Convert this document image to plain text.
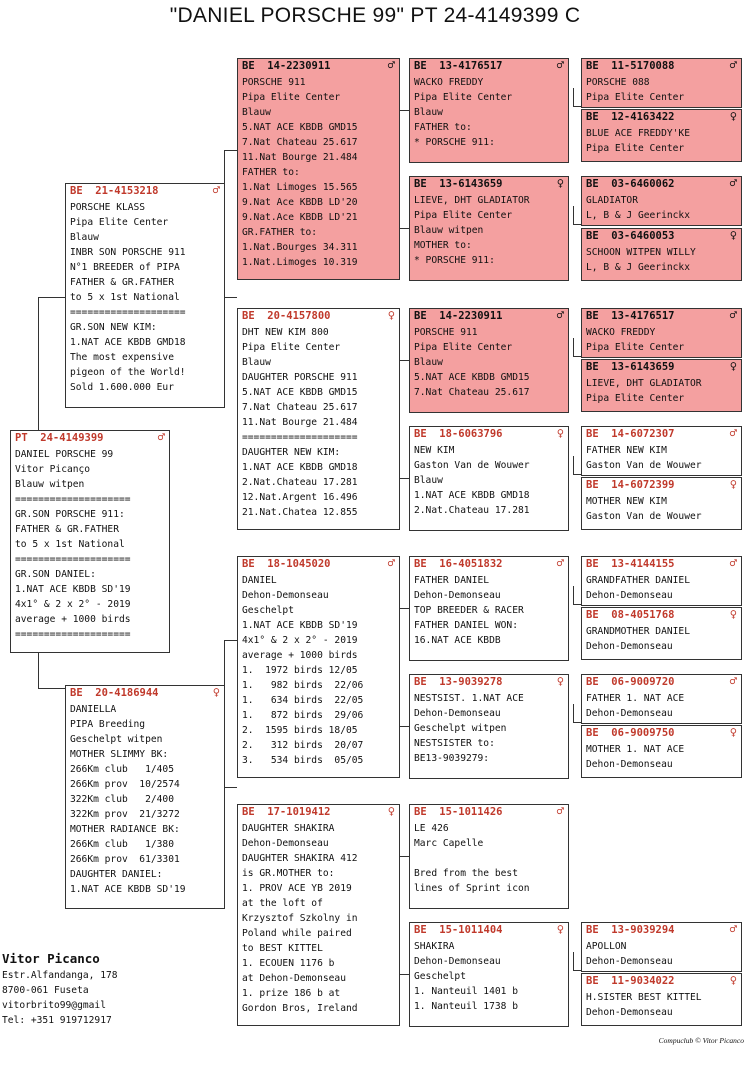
"DANIEL PORSCHE 99" PT 24-4149399 C
PT  24-4149399	♂
DANIEL PORSCHE 99
Vitor Picanço
Blauw witpen
====================
GR.SON PORSCHE 911:
FATHER & GR.FATHER
to 5 x 1st National
====================
GR.SON DANIEL:
1.NAT ACE KBDB SD'19
4x1° & 2 x 2° - 2019
average + 1000 birds
====================
BE  21-4153218	♂
PORSCHE KLASS
Pipa Elite Center
Blauw
INBR SON PORSCHE 911
N°1 BREEDER of PIPA
FATHER & GR.FATHER
to 5 x 1st National
====================
GR.SON NEW KIM:
1.NAT ACE KBDB GMD18
The most expensive
pigeon of the World!
Sold 1.600.000 Eur
BE  20-4186944	♀
DANIELLA
PIPA Breeding
Geschelpt witpen
MOTHER SLIMMY BK:
266Km club   1/405
266Km prov  10/2574
322Km club   2/400
322Km prov  21/3272
MOTHER RADIANCE BK:
266Km club   1/380
266Km prov  61/3301
DAUGHTER DANIEL:
1.NAT ACE KBDB SD'19
BE  14-2230911	♂
PORSCHE 911
Pipa Elite Center
Blauw
5.NAT ACE KBDB GMD15
7.Nat Chateau 25.617
11.Nat Bourge 21.484
FATHER to:
1.Nat Limoges 15.565
9.Nat Ace KBDB LD'20
9.Nat.Ace KBDB LD'21
GR.FATHER to:
1.Nat.Bourges 34.311
1.Nat.Limoges 10.319
BE  20-4157800	♀
DHT NEW KIM 800
Pipa Elite Center
Blauw
DAUGHTER PORSCHE 911
5.NAT ACE KBDB GMD15
7.Nat Chateau 25.617
11.Nat Bourge 21.484
====================
DAUGHTER NEW KIM:
1.NAT ACE KBDB GMD18
2.Nat.Chateau 17.281
12.Nat.Argent 16.496
21.Nat.Chatea 12.855
BE  18-1045020	♂
DANIEL
Dehon-Demonseau
Geschelpt
1.NAT ACE KBDB SD'19
4x1° & 2 x 2° - 2019
average + 1000 birds
1.  1972 birds 12/05
1.   982 birds  22/06
1.   634 birds  22/05
1.   872 birds  29/06
2.  1595 birds 18/05
2.   312 birds  20/07
3.   534 birds  05/05
BE  17-1019412	♀
DAUGHTER SHAKIRA
Dehon-Demonseau
DAUGHTER SHAKIRA 412
is GR.MOTHER to:
1. PROV ACE YB 2019
at the loft of
Krzysztof Szkolny in
Poland while paired
to BEST KITTEL
1. ECOUEN 1176 b
at Dehon-Demonseau
1. prize 186 b at
Gordon Bros, Ireland
BE  13-4176517	♂
WACKO FREDDY
Pipa Elite Center
Blauw
FATHER to:
* PORSCHE 911:
BE  13-6143659	♀
LIEVE, DHT GLADIATOR
Pipa Elite Center
Blauw witpen
MOTHER to:
* PORSCHE 911:
BE  14-2230911	♂
PORSCHE 911
Pipa Elite Center
Blauw
5.NAT ACE KBDB GMD15
7.Nat Chateau 25.617
BE  18-6063796	♀
NEW KIM
Gaston Van de Wouwer
Blauw
1.NAT ACE KBDB GMD18
2.Nat.Chateau 17.281
BE  16-4051832	♂
FATHER DANIEL
Dehon-Demonseau
TOP BREEDER & RACER
FATHER DANIEL WON:
16.NAT ACE KBDB
BE  13-9039278	♀
NESTSIST. 1.NAT ACE
Dehon-Demonseau
Geschelpt witpen
NESTSISTER to:
BE13-9039279:
BE  15-1011426	♂
LE 426
Marc Capelle
Bred from the best
lines of Sprint icon
BE  15-1011404	♀
SHAKIRA
Dehon-Demonseau
Geschelpt
1. Nanteuil 1401 b
1. Nanteuil 1738 b
BE  11-5170088	♂
PORSCHE 088
Pipa Elite Center
BE  12-4163422	♀
BLUE ACE FREDDY'KE
Pipa Elite Center
BE  03-6460062	♂
GLADIATOR
L, B & J Geerinckx
BE  03-6460053	♀
SCHOON WITPEN WILLY
L, B & J Geerinckx
BE  13-4176517	♂
WACKO FREDDY
Pipa Elite Center
BE  13-6143659	♀
LIEVE, DHT GLADIATOR
Pipa Elite Center
BE  14-6072307	♂
FATHER NEW KIM
Gaston Van de Wouwer
BE  14-6072399	♀
MOTHER NEW KIM
Gaston Van de Wouwer
BE  13-4144155	♂
GRANDFATHER DANIEL
Dehon-Demonseau
BE  08-4051768	♀
GRANDMOTHER DANIEL
Dehon-Demonseau
BE  06-9009720	♂
FATHER 1. NAT ACE
Dehon-Demonseau
BE  06-9009750	♀
MOTHER 1. NAT ACE
Dehon-Demonseau
BE  13-9039294	♂
APOLLON
Dehon-Demonseau
BE  11-9034022	♀
H.SISTER BEST KITTEL
Dehon-Demonseau
Vitor Picanco
Estr.Alfandanga, 178
8700-061 Fuseta
vitorbrito99@gmail
Tel: +351 919712917
Compuclub © Vitor Picanco
